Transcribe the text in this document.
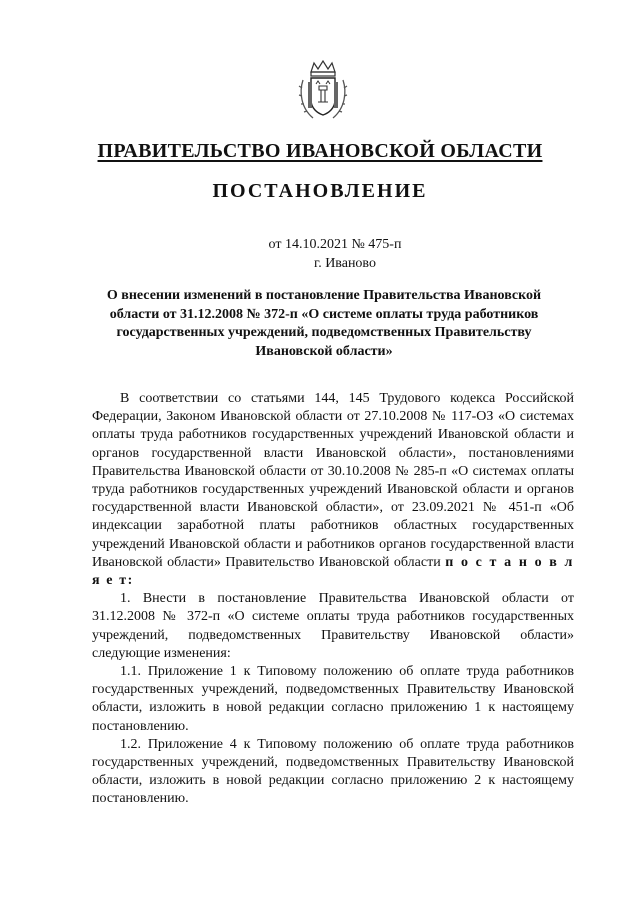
ПРАВИТЕЛЬСТВО ИВАНОВСКОЙ ОБЛАСТИ
ПОСТАНОВЛЕНИЕ
от 14.10.2021 № 475-п
г. Иваново
О внесении изменений в постановление Правительства Ивановской области от 31.12.2008 № 372-п «О системе оплаты труда работников государственных учреждений, подведомственных Правительству Ивановской области»

В соответствии со статьями 144, 145 Трудового кодекса Российской Федерации, Законом Ивановской области от 27.10.2008 № 117-ОЗ «О системах оплаты труда работников государственных учреждений Ивановской области и органов государственной власти Ивановской области», постановлениями Правительства Ивановской области от 30.10.2008 № 285-п «О системах оплаты труда работников государственных учреждений Ивановской области и органов государственной власти Ивановской области», от 23.09.2021 № 451-п «Об индексации заработной платы работников областных государственных учреждений Ивановской области и работников органов государственной власти Ивановской области» Правительство Ивановской области п о с т а н о в л я е т:

1. Внести в постановление Правительства Ивановской области от 31.12.2008 № 372-п «О системе оплаты труда работников государственных учреждений, подведомственных Правительству Ивановской области» следующие изменения:

1.1. Приложение 1 к Типовому положению об оплате труда работников государственных учреждений, подведомственных Правительству Ивановской области, изложить в новой редакции согласно приложению 1 к настоящему постановлению.

1.2. Приложение 4 к Типовому положению об оплате труда работников государственных учреждений, подведомственных Правительству Ивановской области, изложить в новой редакции согласно приложению 2 к настоящему постановлению.
